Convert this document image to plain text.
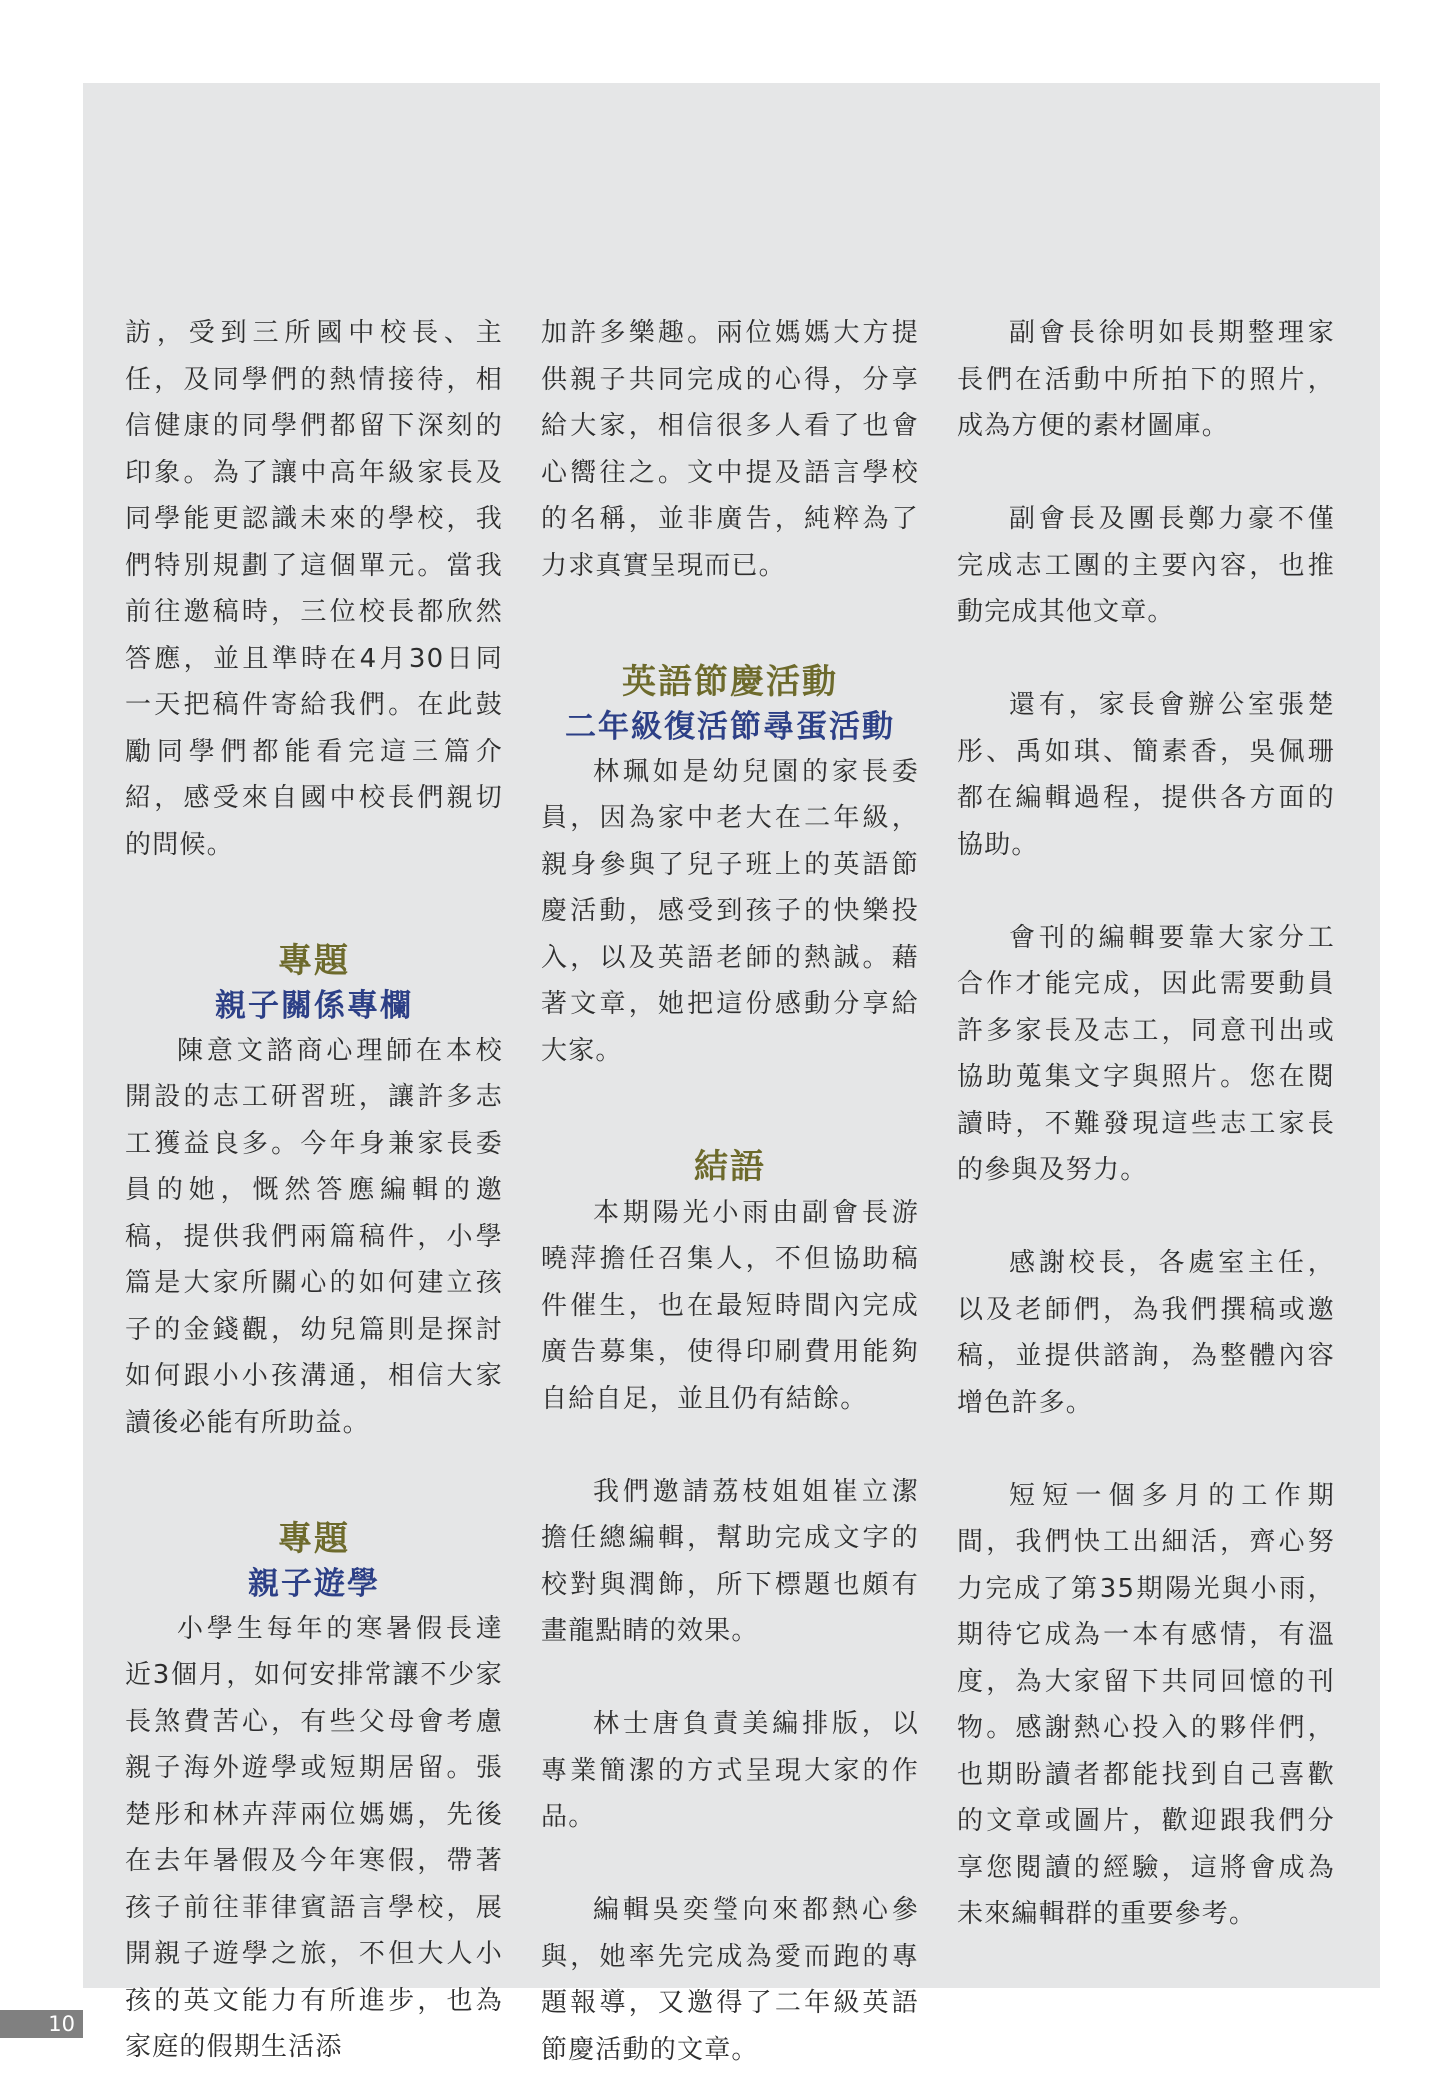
訪，受到三所國中校長、主任，及同學們的熱情接待，相信健康的同學們都留下深刻的印象。為了讓中高年級家長及同學能更認識未來的學校，我們特別規劃了這個單元。當我前往邀稿時，三位校長都欣然答應，並且準時在4月30日同一天把稿件寄給我們。在此鼓勵同學們都能看完這三篇介紹，感受來自國中校長們親切的問候。

專題
親子關係專欄

陳意文諮商心理師在本校開設的志工研習班，讓許多志工獲益良多。今年身兼家長委員的她，慨然答應編輯的邀稿，提供我們兩篇稿件，小學篇是大家所關心的如何建立孩子的金錢觀，幼兒篇則是探討如何跟小小孩溝通，相信大家讀後必能有所助益。

專題
親子遊學

小學生每年的寒暑假長達近3個月，如何安排常讓不少家長煞費苦心，有些父母會考慮親子海外遊學或短期居留。張楚彤和林卉萍兩位媽媽，先後在去年暑假及今年寒假，帶著孩子前往菲律賓語言學校，展開親子遊學之旅，不但大人小孩的英文能力有所進步，也為家庭的假期生活添

加許多樂趣。兩位媽媽大方提供親子共同完成的心得，分享給大家，相信很多人看了也會心嚮往之。文中提及語言學校的名稱，並非廣告，純粹為了力求真實呈現而已。

英語節慶活動
二年級復活節尋蛋活動

林珮如是幼兒園的家長委員，因為家中老大在二年級，親身參與了兒子班上的英語節慶活動，感受到孩子的快樂投入，以及英語老師的熱誠。藉著文章，她把這份感動分享給大家。

結語

本期陽光小雨由副會長游曉萍擔任召集人，不但協助稿件催生，也在最短時間內完成廣告募集，使得印刷費用能夠自給自足，並且仍有結餘。

我們邀請荔枝姐姐崔立潔擔任總編輯，幫助完成文字的校對與潤飾，所下標題也頗有畫龍點睛的效果。

林士唐負責美編排版，以專業簡潔的方式呈現大家的作品。

編輯吳奕瑩向來都熱心參與，她率先完成為愛而跑的專題報導，又邀得了二年級英語節慶活動的文章。

副會長徐明如長期整理家長們在活動中所拍下的照片，成為方便的素材圖庫。

副會長及團長鄭力豪不僅完成志工團的主要內容，也推動完成其他文章。

還有，家長會辦公室張楚彤、禹如琪、簡素香，吳佩珊都在編輯過程，提供各方面的協助。

會刊的編輯要靠大家分工合作才能完成，因此需要動員許多家長及志工，同意刊出或協助蒐集文字與照片。您在閱讀時，不難發現這些志工家長的參與及努力。

感謝校長，各處室主任，以及老師們，為我們撰稿或邀稿，並提供諮詢，為整體內容增色許多。

短短一個多月的工作期間，我們快工出細活，齊心努力完成了第35期陽光與小雨，期待它成為一本有感情，有溫度，為大家留下共同回憶的刊物。感謝熱心投入的夥伴們，也期盼讀者都能找到自己喜歡的文章或圖片，歡迎跟我們分享您閱讀的經驗，這將會成為未來編輯群的重要參考。

10
